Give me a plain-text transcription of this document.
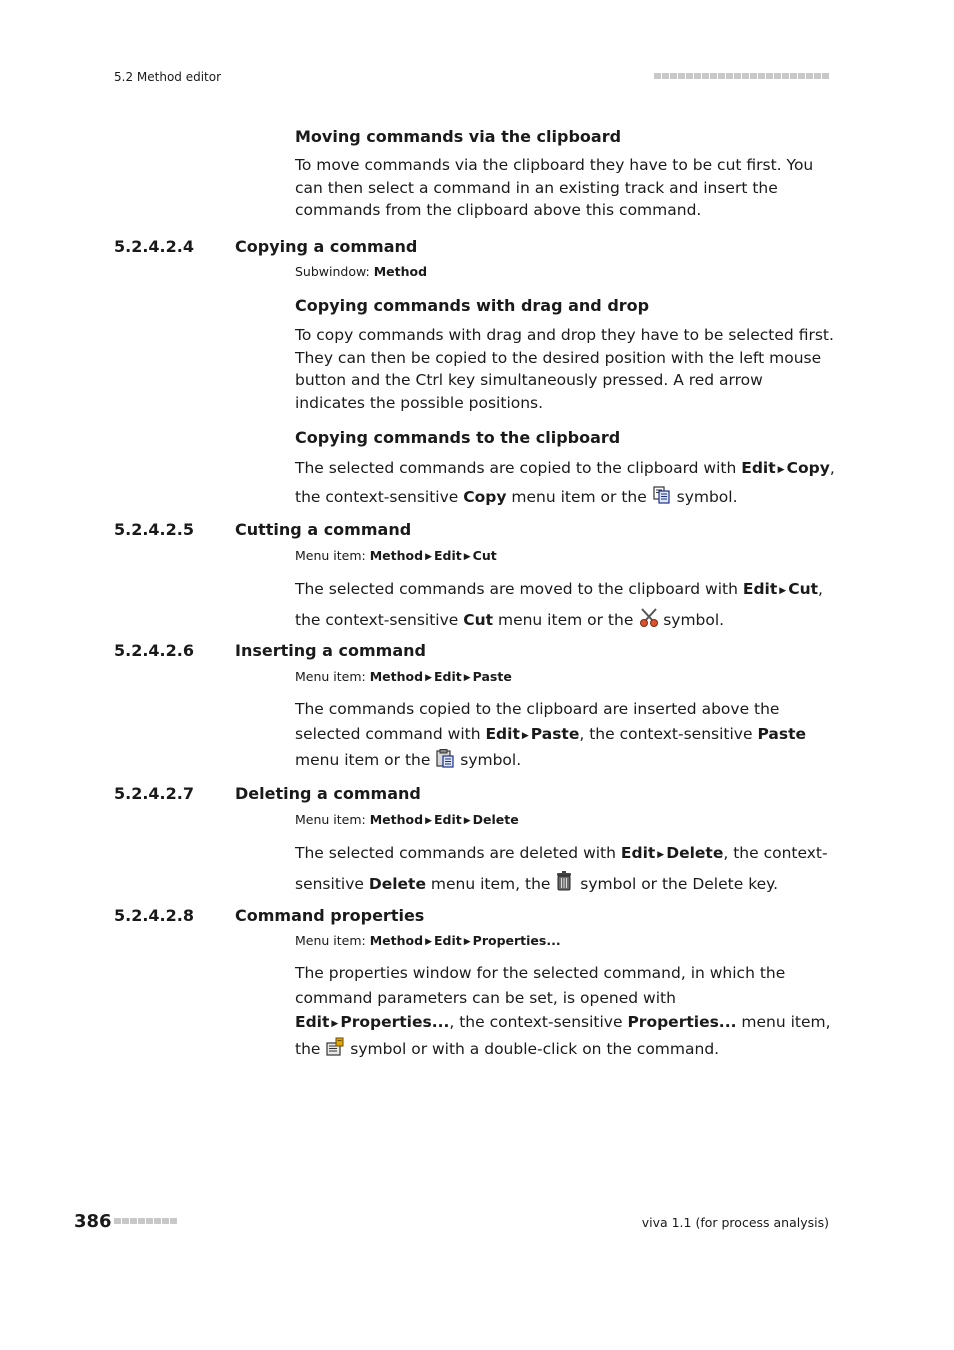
5.2 Method editor
Moving commands via the clipboard
To move commands via the clipboard they have to be cut first. You can then select a command in an existing track and insert the commands from the clipboard above this command.
5.2.4.2.4	Copying a command
Subwindow: Method
Copying commands with drag and drop
To copy commands with drag and drop they have to be selected first. They can then be copied to the desired position with the left mouse button and the Ctrl key simultaneously pressed. A red arrow indicates the possible positions.
Copying commands to the clipboard
The selected commands are copied to the clipboard with Edit ▶ Copy, the context-sensitive Copy menu item or the  symbol.
5.2.4.2.5	Cutting a command
Menu item: Method ▶ Edit ▶ Cut
The selected commands are moved to the clipboard with Edit ▶ Cut, the context-sensitive Cut menu item or the  symbol.
5.2.4.2.6	Inserting a command
Menu item: Method ▶ Edit ▶ Paste
The commands copied to the clipboard are inserted above the selected command with Edit ▶ Paste, the context-sensitive Paste menu item or the  symbol.
5.2.4.2.7	Deleting a command
Menu item: Method ▶ Edit ▶ Delete
The selected commands are deleted with Edit ▶ Delete, the context-sensitive Delete menu item, the  symbol or the Delete key.
5.2.4.2.8	Command properties
Menu item: Method ▶ Edit ▶ Properties...
The properties window for the selected command, in which the command parameters can be set, is opened with Edit ▶ Properties..., the context-sensitive Properties... menu item, the  symbol or with a double-click on the command.
386	viva 1.1 (for process analysis)
